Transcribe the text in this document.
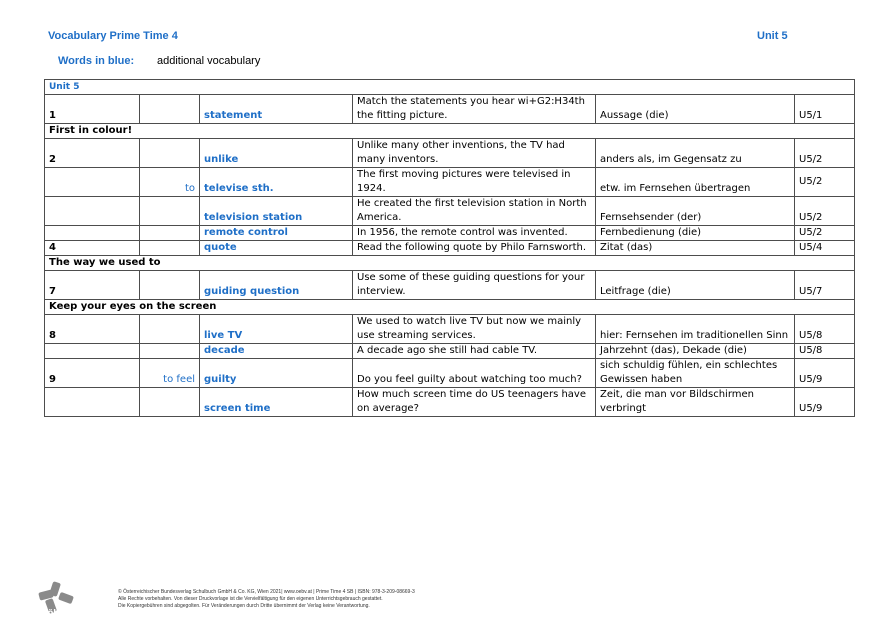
Vocabulary Prime Time 4	Unit 5
Words in blue: additional vocabulary
Unit 5					
1		statement	Match the statements you hear wi+G2:H34th the fitting picture.	Aussage (die)	U5/1
First in colour!					
2		unlike	Unlike many other inventions, the TV had many inventors.	anders als, im Gegensatz zu	U5/2
	to	televise sth.	The first moving pictures were televised in 1924.	etw. im Fernsehen übertragen	U5/2
		television station	He created the first television station in North America.	Fernsehsender (der)	U5/2
		remote control	In 1956, the remote control was invented.	Fernbedienung (die)	U5/2
4		quote	Read the following quote by Philo Farnsworth.	Zitat (das)	U5/4
The way we used to					
7		guiding question	Use some of these guiding questions for your interview.	Leitfrage (die)	U5/7
Keep your eyes on the screen					
8		live TV	We used to watch live TV but now we mainly use streaming services.	hier: Fernsehen im traditionellen Sinn	U5/8
		decade	A decade ago she still had cable TV.	Jahrzehnt (das), Dekade (die)	U5/8
9	to feel	guilty	Do you feel guilty about watching too much?	sich schuldig fühlen, ein schlechtes Gewissen haben	U5/9
		screen time	How much screen time do US teenagers have on average?	Zeit, die man vor Bildschirmen verbringt	U5/9
öbv
© Österreichischer Bundesverlag Schulbuch GmbH & Co. KG, Wien 2021| www.oebv.at | Prime Time 4 SB | ISBN: 978-3-209-08669-3
Alle Rechte vorbehalten. Von dieser Druckvorlage ist die Vervielfältigung für den eigenen Unterrichtsgebrauch gestattet.
Die Kopiergebühren sind abgegolten. Für Veränderungen durch Dritte übernimmt der Verlag keine Verantwortung.
